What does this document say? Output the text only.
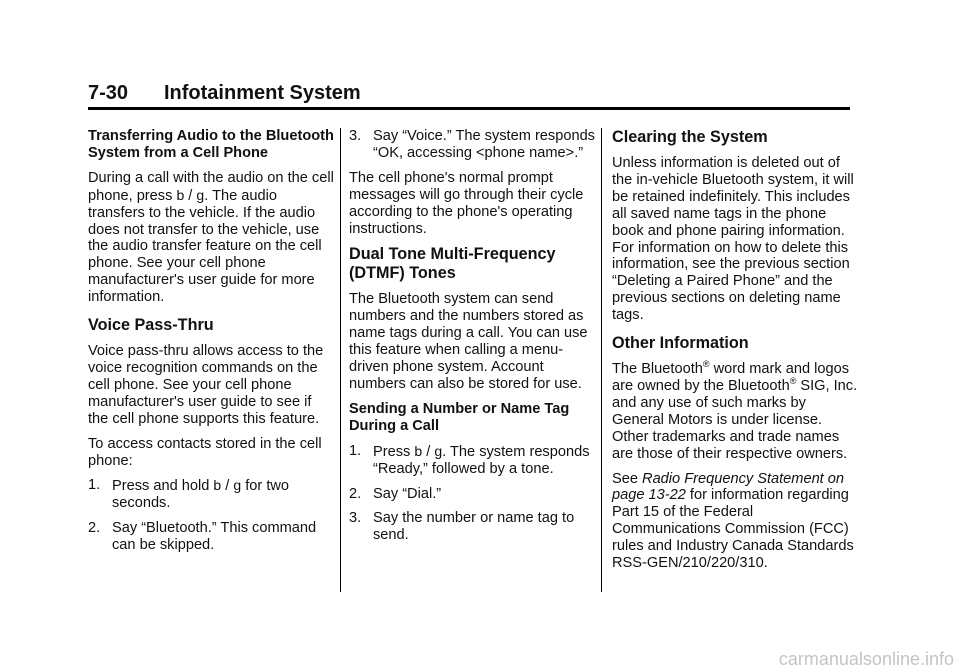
7-30 Infotainment System

Transferring Audio to the Bluetooth System from a Cell Phone

During a call with the audio on the cell phone, press b / g. The audio transfers to the vehicle. If the audio does not transfer to the vehicle, use the audio transfer feature on the cell phone. See your cell phone manufacturer's user guide for more information.

Voice Pass-Thru

Voice pass-thru allows access to the voice recognition commands on the cell phone. See your cell phone manufacturer's user guide to see if the cell phone supports this feature.

To access contacts stored in the cell phone:

1. Press and hold b / g for two seconds.
2. Say “Bluetooth.” This command can be skipped.
3. Say “Voice.” The system responds “OK, accessing <phone name>.”

The cell phone's normal prompt messages will go through their cycle according to the phone's operating instructions.

Dual Tone Multi-Frequency (DTMF) Tones

The Bluetooth system can send numbers and the numbers stored as name tags during a call. You can use this feature when calling a menu-driven phone system. Account numbers can also be stored for use.

Sending a Number or Name Tag During a Call

1. Press b / g. The system responds “Ready,” followed by a tone.
2. Say “Dial.”
3. Say the number or name tag to send.
Clearing the System

Unless information is deleted out of the in-vehicle Bluetooth system, it will be retained indefinitely. This includes all saved name tags in the phone book and phone pairing information. For information on how to delete this information, see the previous section “Deleting a Paired Phone” and the previous sections on deleting name tags.

Other Information

The Bluetooth® word mark and logos are owned by the Bluetooth® SIG, Inc. and any use of such marks by General Motors is under license. Other trademarks and trade names are those of their respective owners.

See Radio Frequency Statement on page 13-22 for information regarding Part 15 of the Federal Communications Commission (FCC) rules and Industry Canada Standards RSS-GEN/210/220/310.

carmanualsonline.info
